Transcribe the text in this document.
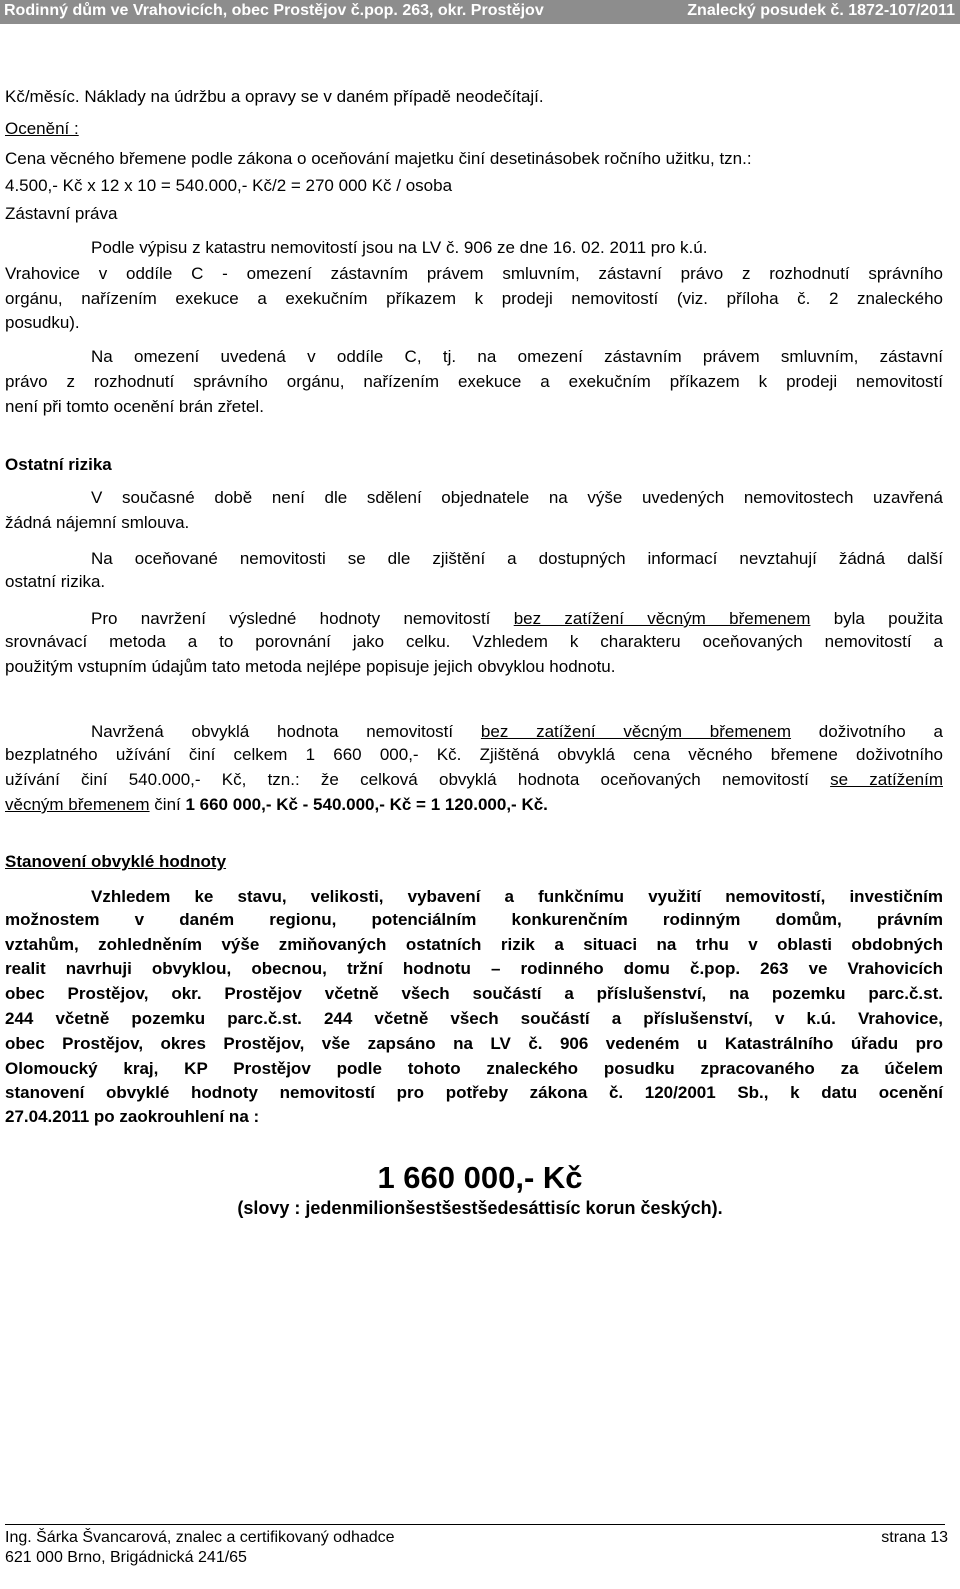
Rodinný dům ve Vrahovicích, obec Prostějov č.pop. 263, okr. Prostějov	Znalecký posudek č. 1872-107/2011
Kč/měsíc. Náklady na údržbu a opravy se v daném případě neodečítají.
Ocenění :
Cena věcného břemene podle zákona o oceňování majetku činí desetinásobek ročního užitku, tzn.:
4.500,- Kč x 12 x 10 = 540.000,- Kč/2 = 270 000 Kč / osoba
Zástavní práva
Podle výpisu z katastru nemovitostí jsou na LV č. 906 ze dne 16. 02. 2011 pro k.ú.
Vrahovice v oddíle C - omezení zástavním právem smluvním, zástavní právo z rozhodnutí správního
orgánu, nařízením exekuce a exekučním příkazem k prodeji nemovitostí (viz. příloha č. 2 znaleckého
posudku).
Na omezení uvedená v oddíle C, tj. na omezení zástavním právem smluvním, zástavní
právo z rozhodnutí správního orgánu, nařízením exekuce a exekučním příkazem k prodeji nemovitostí
není při tomto ocenění brán zřetel.
Ostatní rizika
V současné době není dle sdělení objednatele na výše uvedených nemovitostech uzavřená
žádná nájemní smlouva.
Na oceňované nemovitosti se dle zjištění a dostupných informací nevztahují žádná další
ostatní rizika.
Pro navržení výsledné hodnoty nemovitostí bez zatížení věcným břemenem byla použita
srovnávací metoda a to porovnání jako celku. Vzhledem k charakteru oceňovaných nemovitostí a
použitým vstupním údajům tato metoda nejlépe popisuje jejich obvyklou hodnotu.
Navržená obvyklá hodnota nemovitostí bez zatížení věcným břemenem doživotního a
bezplatného užívání činí celkem 1 660 000,- Kč. Zjištěná obvyklá cena věcného břemene doživotního
užívání činí 540.000,- Kč, tzn.: že celková obvyklá hodnota oceňovaných nemovitostí se zatížením
věcným břemenem činí 1 660 000,- Kč - 540.000,- Kč = 1 120.000,- Kč.
Stanovení obvyklé hodnoty
Vzhledem ke stavu, velikosti, vybavení a funkčnímu využití nemovitostí, investičním
možnostem v daném regionu, potenciálním konkurenčním rodinným domům, právním
vztahům, zohledněním výše zmiňovaných ostatních rizik a situaci na trhu v oblasti obdobných
realit navrhuji obvyklou, obecnou, tržní hodnotu – rodinného domu č.pop. 263 ve Vrahovicích
obec Prostějov, okr. Prostějov včetně všech součástí a příslušenství, na pozemku parc.č.st.
244 včetně pozemku parc.č.st. 244 včetně všech součástí a příslušenství, v k.ú. Vrahovice,
obec Prostějov, okres Prostějov, vše zapsáno na LV č. 906 vedeném u Katastrálního úřadu pro
Olomoucký kraj, KP Prostějov podle tohoto znaleckého posudku zpracovaného za účelem
stanovení obvyklé hodnoty nemovitostí pro potřeby zákona č. 120/2001 Sb., k datu ocenění
27.04.2011 po zaokrouhlení na :
1 660 000,- Kč
(slovy : jedenmilionšestšestšedesáttisíc korun českých).
Ing. Šárka Švancarová, znalec a certifikovaný odhadce	strana 13
621 000 Brno, Brigádnická 241/65
